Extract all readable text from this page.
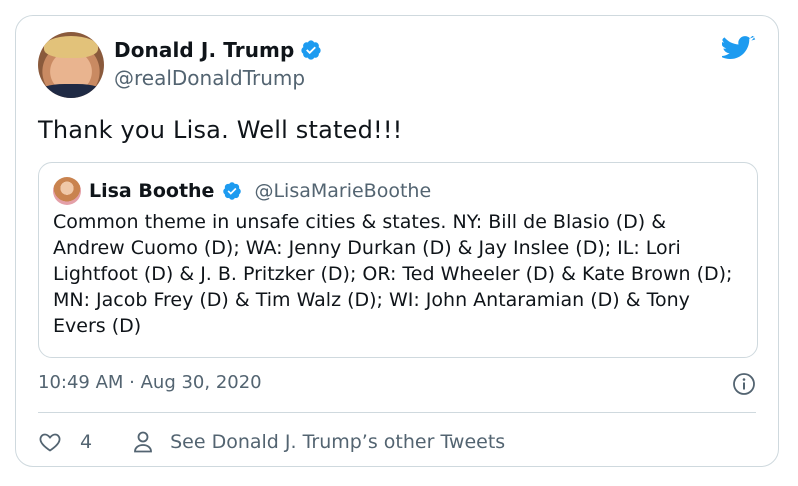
Donald J. Trump
@realDonaldTrump
Thank you Lisa. Well stated!!!
Lisa Boothe @LisaMarieBoothe
Common theme in unsafe cities & states. NY: Bill de Blasio (D) & Andrew Cuomo (D); WA: Jenny Durkan (D) & Jay Inslee (D); IL: Lori Lightfoot (D) & J. B. Pritzker (D); OR: Ted Wheeler (D) & Kate Brown (D); MN: Jacob Frey (D) & Tim Walz (D); WI: John Antaramian (D) & Tony Evers (D)
10:49 AM · Aug 30, 2020
4	See Donald J. Trump’s other Tweets
